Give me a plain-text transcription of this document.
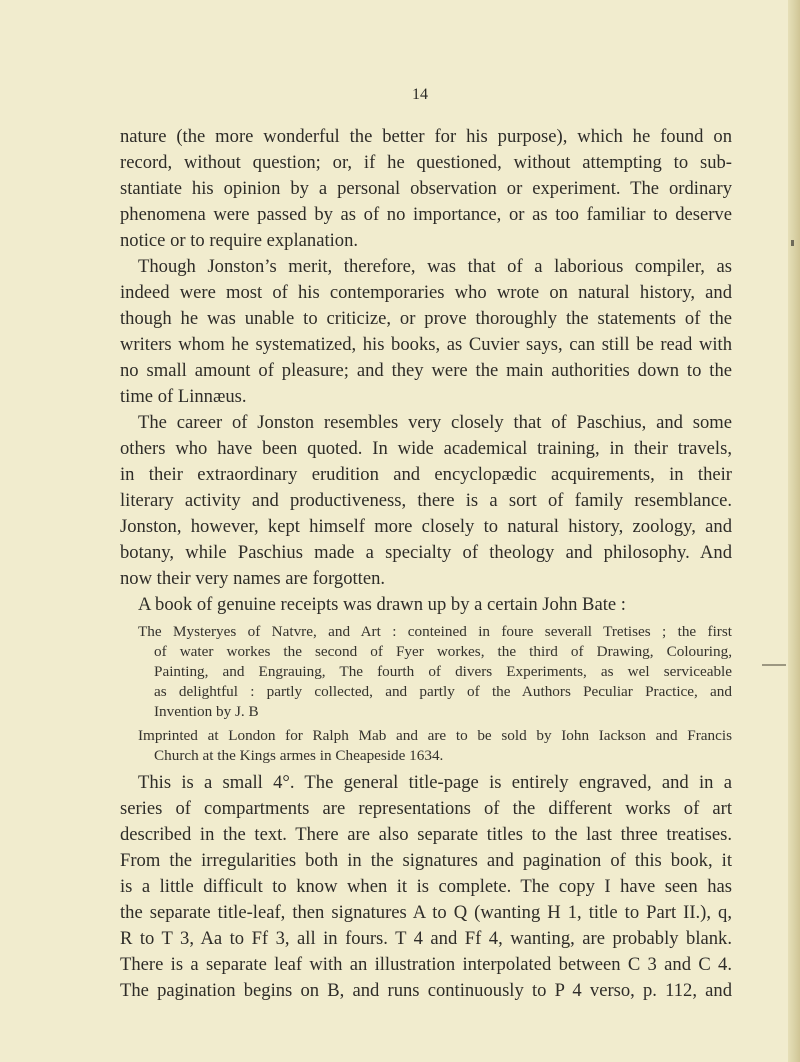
14
nature (the more wonderful the better for his purpose), which he found on
record, without question; or, if he questioned, without attempting to sub-
stantiate his opinion by a personal observation or experiment. The ordinary
phenomena were passed by as of no importance, or as too familiar to deserve
notice or to require explanation.
Though Jonston’s merit, therefore, was that of a laborious compiler, as
indeed were most of his contemporaries who wrote on natural history, and
though he was unable to criticize, or prove thoroughly the statements of the
writers whom he systematized, his books, as Cuvier says, can still be read with
no small amount of pleasure; and they were the main authorities down to the
time of Linnæus.
The career of Jonston resembles very closely that of Paschius, and some
others who have been quoted. In wide academical training, in their travels,
in their extraordinary erudition and encyclopædic acquirements, in their
literary activity and productiveness, there is a sort of family resemblance.
Jonston, however, kept himself more closely to natural history, zoology, and
botany, while Paschius made a specialty of theology and philosophy. And
now their very names are forgotten.
A book of genuine receipts was drawn up by a certain John Bate :
The Mysteryes of Natvre, and Art : conteined in foure severall Tretises ; the first
of water workes the second of Fyer workes, the third of Drawing, Colouring,
Painting, and Engrauing, The fourth of divers Experiments, as wel serviceable
as delightful : partly collected, and partly of the Authors Peculiar Practice, and
Invention by J. B
Imprinted at London for Ralph Mab and are to be sold by Iohn Iackson and Francis
Church at the Kings armes in Cheapeside 1634.
This is a small 4°. The general title-page is entirely engraved, and in a
series of compartments are representations of the different works of art
described in the text. There are also separate titles to the last three treatises.
From the irregularities both in the signatures and pagination of this book, it
is a little difficult to know when it is complete. The copy I have seen has
the separate title-leaf, then signatures A to Q (wanting H 1, title to Part II.), q,
R to T 3, Aa to Ff 3, all in fours. T 4 and Ff 4, wanting, are probably blank.
There is a separate leaf with an illustration interpolated between C 3 and C 4.
The pagination begins on B, and runs continuously to P 4 verso, p. 112, and
